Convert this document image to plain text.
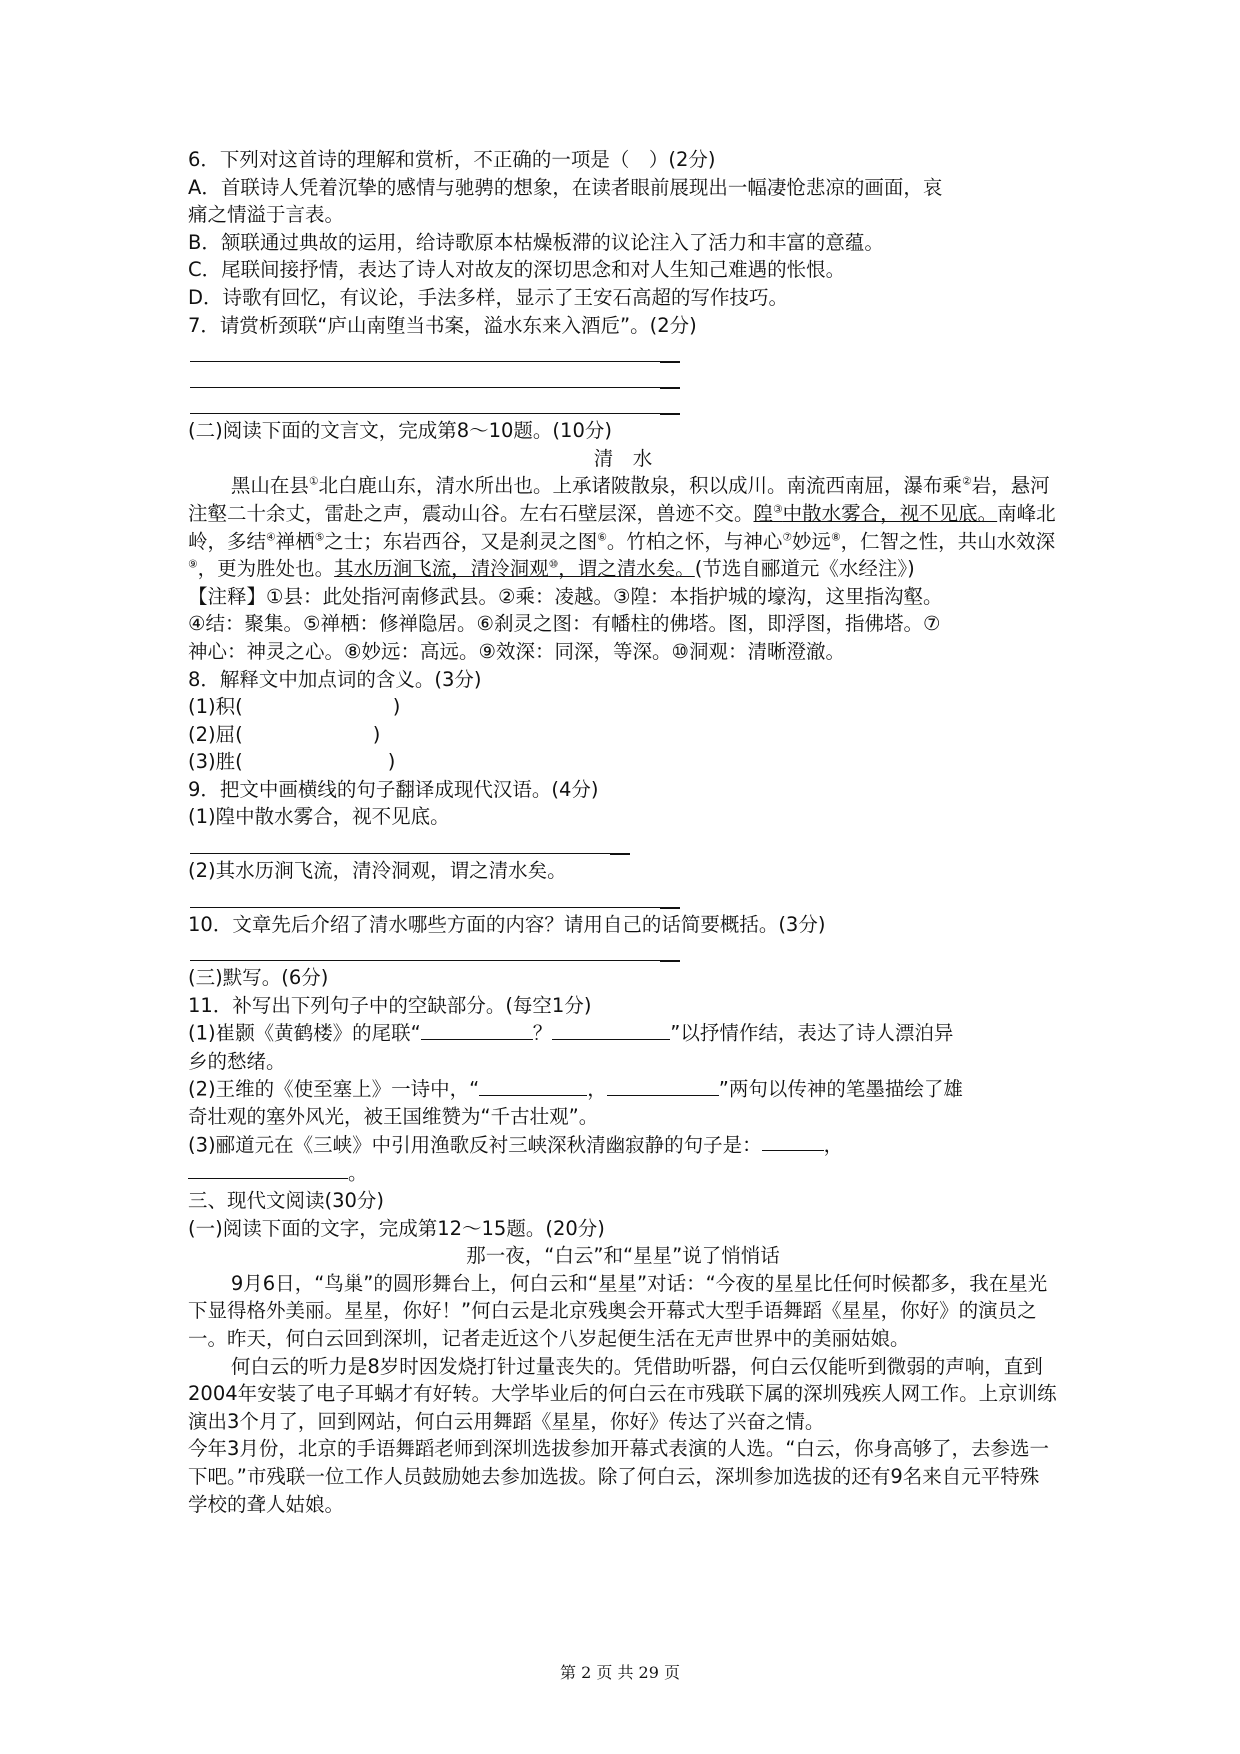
6．下列对这首诗的理解和赏析，不正确的一项是（　）(2分)

A．首联诗人凭着沉挚的感情与驰骋的想象，在读者眼前展现出一幅凄怆悲凉的画面，哀

痛之情溢于言表。

B．颔联通过典故的运用，给诗歌原本枯燥板滞的议论注入了活力和丰富的意蕴。

C．尾联间接抒情，表达了诗人对故友的深切思念和对人生知己难遇的怅恨。

D．诗歌有回忆，有议论，手法多样，显示了王安石高超的写作技巧。

7．请赏析颈联“庐山南堕当书案，溢水东来入酒卮”。(2分)

(二)阅读下面的文言文，完成第8～10题。(10分)

清　水

黑山在县①北白鹿山东，清水所出也。上承诸陂散泉，积以成川。南流西南屈，瀑布乘②岩，悬河注壑二十余丈，雷赴之声，震动山谷。左右石壁层深，兽迹不交。隍③中散水雾合，视不见底。南峰北岭，多结④禅栖⑤之士；东岩西谷，又是刹灵之图⑥。竹柏之怀，与神心⑦妙远⑧，仁智之性，共山水效深⑨，更为胜处也。其水历涧飞流，清泠洞观⑩，谓之清水矣。(节选自郦道元《水经注》)

【注释】①县：此处指河南修武县。②乘：凌越。③隍：本指护城的壕沟，这里指沟壑。

④结：聚集。⑤禅栖：修禅隐居。⑥刹灵之图：有幡柱的佛塔。图，即浮图，指佛塔。⑦

神心：神灵之心。⑧妙远：高远。⑨效深：同深，等深。⑩洞观：清晰澄澈。

8．解释文中加点词的含义。(3分)

(1)积(	)

(2)屈(	)

(3)胜(	)

9．把文中画横线的句子翻译成现代汉语。(4分)

(1)隍中散水雾合，视不见底。

(2)其水历涧飞流，清泠洞观，谓之清水矣。

10．文章先后介绍了清水哪些方面的内容？请用自己的话简要概括。(3分)

(三)默写。(6分)

11．补写出下列句子中的空缺部分。(每空1分)

(1)崔颢《黄鹤楼》的尾联“	？	”以抒情作结，表达了诗人漂泊异
乡的愁绪。

(2)王维的《使至塞上》一诗中，“	，	”两句以传神的笔墨描绘了雄
奇壮观的塞外风光，被王国维赞为“千古壮观”。

(3)郦道元在《三峡》中引用渔歌反衬三峡深秋清幽寂静的句子是：	，
。

三、现代文阅读(30分)

(一)阅读下面的文字，完成第12～15题。(20分)

那一夜，“白云”和“星星”说了悄悄话

9月6日，“鸟巢”的圆形舞台上，何白云和“星星”对话：“今夜的星星比任何时候都多，我在星光下显得格外美丽。星星，你好！”何白云是北京残奥会开幕式大型手语舞蹈《星星，你好》的演员之一。昨天，何白云回到深圳，记者走近这个八岁起便生活在无声世界中的美丽姑娘。

何白云的听力是8岁时因发烧打针过量丧失的。凭借助听器，何白云仅能听到微弱的声响，直到2004年安装了电子耳蜗才有好转。大学毕业后的何白云在市残联下属的深圳残疾人网工作。上京训练演出3个月了，回到网站，何白云用舞蹈《星星，你好》传达了兴奋之情。

今年3月份，北京的手语舞蹈老师到深圳选拔参加开幕式表演的人选。“白云，你身高够了，去参选一下吧。”市残联一位工作人员鼓励她去参加选拔。除了何白云，深圳参加选拔的还有9名来自元平特殊学校的聋人姑娘。

第 2 页 共 29 页
